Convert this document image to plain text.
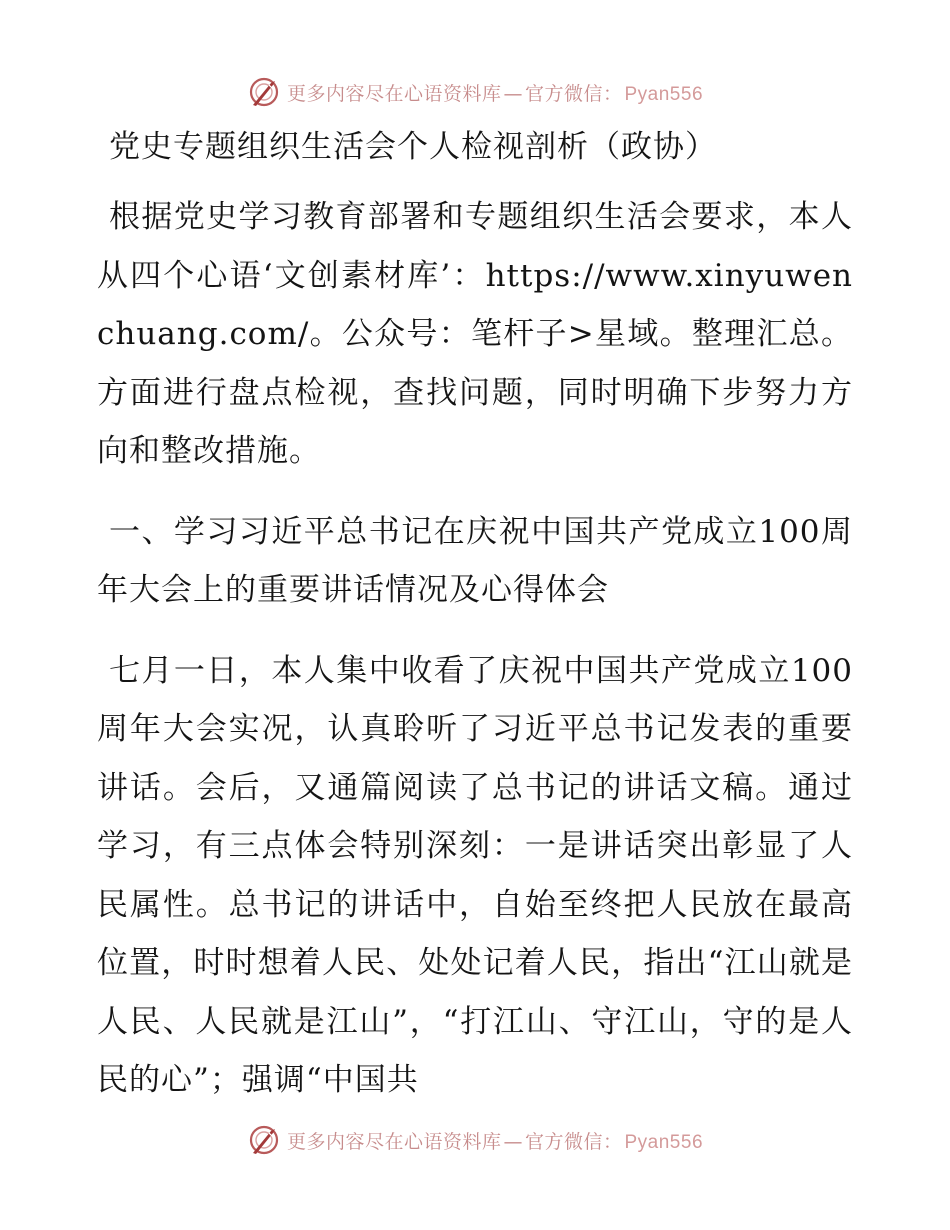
更多内容尽在心语资料库 — 官方微信： Pyan556
党史专题组织生活会个人检视剖析（政协）

根据党史学习教育部署和专题组织生活会要求，本人从四个心语‘文创素材库’：https://www.xinyuwenchuang.com/。公众号：笔杆子>星域。整理汇总。方面进行盘点检视，查找问题，同时明确下步努力方向和整改措施。

一、学习习近平总书记在庆祝中国共产党成立100周年大会上的重要讲话情况及心得体会

七月一日，本人集中收看了庆祝中国共产党成立100周年大会实况，认真聆听了习近平总书记发表的重要讲话。会后，又通篇阅读了总书记的讲话文稿。通过学习，有三点体会特别深刻：一是讲话突出彰显了人民属性。总书记的讲话中，自始至终把人民放在最高位置，时时想着人民、处处记着人民，指出“江山就是人民、人民就是江山”，“打江山、守江山，守的是人民的心”；强调“中国共

更多内容尽在心语资料库 — 官方微信： Pyan556
